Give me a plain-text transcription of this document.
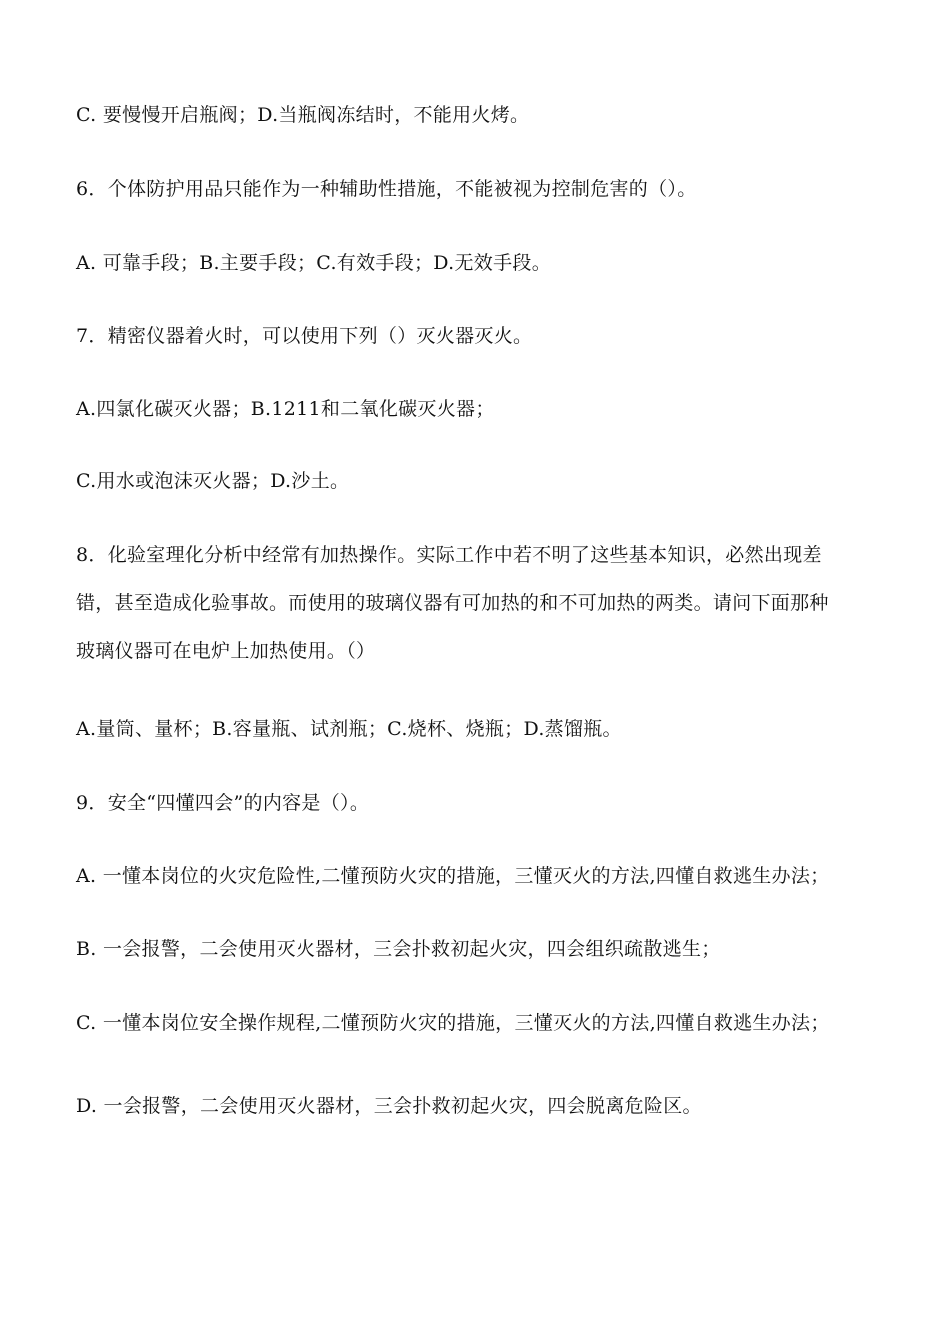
C. 要慢慢开启瓶阀；D.当瓶阀冻结时，不能用火烤。
6．个体防护用品只能作为一种辅助性措施，不能被视为控制危害的（）。
A. 可靠手段；B.主要手段；C.有效手段；D.无效手段。
7．精密仪器着火时，可以使用下列（）灭火器灭火。
A.四氯化碳灭火器；B.1211和二氧化碳灭火器；
C.用水或泡沫灭火器；D.沙土。
8．化验室理化分析中经常有加热操作。实际工作中若不明了这些基本知识，必然出现差
错，甚至造成化验事故。而使用的玻璃仪器有可加热的和不可加热的两类。请问下面那种
玻璃仪器可在电炉上加热使用。（）
A.量筒、量杯；B.容量瓶、试剂瓶；C.烧杯、烧瓶；D.蒸馏瓶。
9．安全“四懂四会”的内容是（）。
A. 一懂本岗位的火灾危险性,二懂预防火灾的措施，三懂灭火的方法,四懂自救逃生办法；
B. 一会报警，二会使用灭火器材，三会扑救初起火灾，四会组织疏散逃生；
C. 一懂本岗位安全操作规程,二懂预防火灾的措施，三懂灭火的方法,四懂自救逃生办法；
D. 一会报警，二会使用灭火器材，三会扑救初起火灾，四会脱离危险区。
